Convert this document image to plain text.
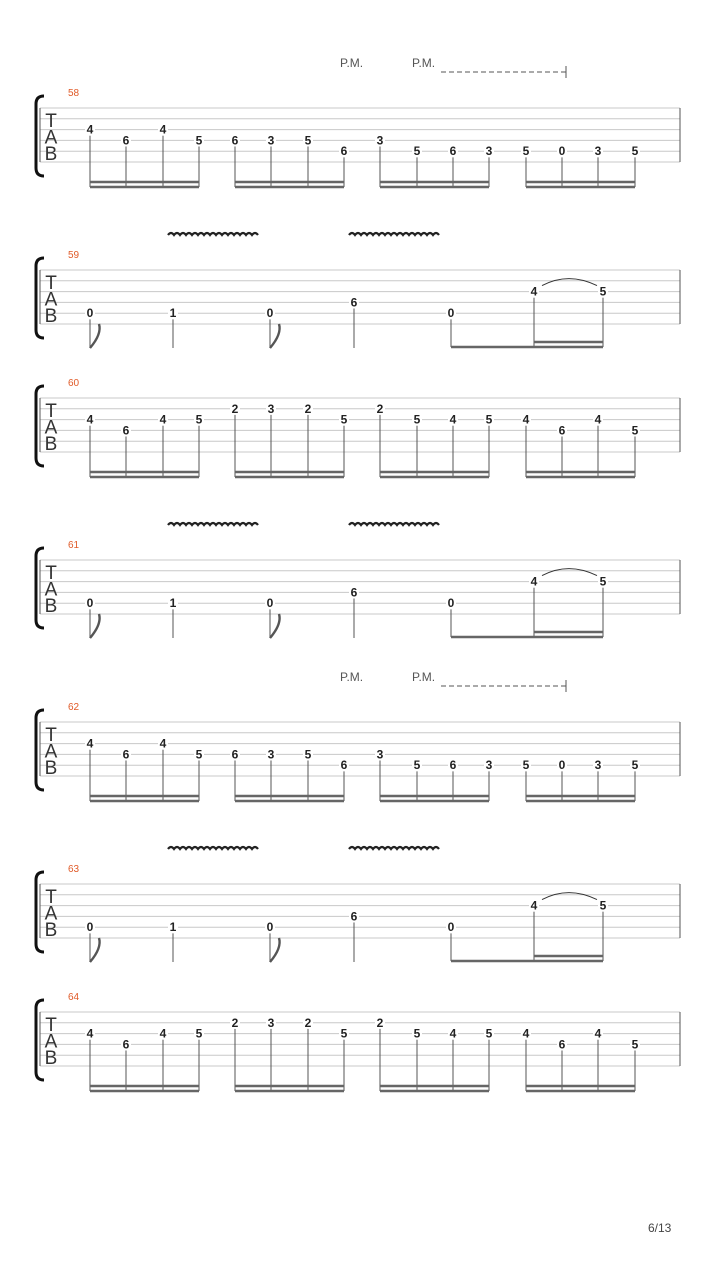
T
A
B
58
P.M.	P.M.
4
6
4
5 6 3	5
6
3
5 6 3	5 0 3	5
T
A
B
59
0	1	0
6
0
4	5
T
A
B
60
4
6
4 5
2 3	2
5
2
5 4 5	4
6
4
5
T
A
B
61
0	1	0
6
0
4	5
T
A
B
62
P.M.	P.M.
4
6
4
5 6 3	5
6
3
5 6 3	5 0 3	5
T
A
B
63
0	1	0
6
0
4	5
T
A
B
64
4
6
4 5
2 3	2
5
2
5 4 5	4
6
4
5
6/13
